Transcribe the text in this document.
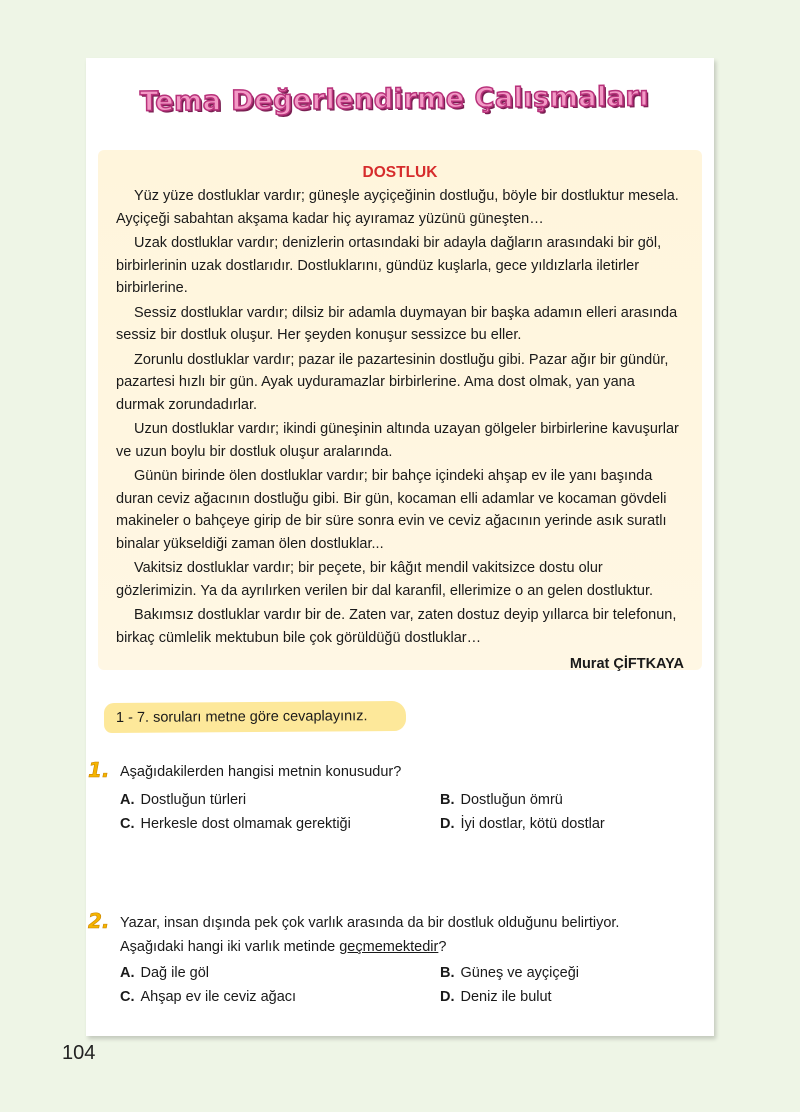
Tema Değerlendirme Çalışmaları
DOSTLUK

Yüz yüze dostluklar vardır; güneşle ayçiçeğinin dostluğu, böyle bir dostluktur mesela. Ayçiçeği sabahtan akşama kadar hiç ayıramaz yüzünü güneşten…

Uzak dostluklar vardır; denizlerin ortasındaki bir adayla dağların arasındaki bir göl, birbirlerinin uzak dostlarıdır. Dostluklarını, gündüz kuşlarla, gece yıldızlarla iletirler birbirlerine.

Sessiz dostluklar vardır; dilsiz bir adamla duymayan bir başka adamın elleri arasında sessiz bir dostluk oluşur. Her şeyden konuşur sessizce bu eller.

Zorunlu dostluklar vardır; pazar ile pazartesinin dostluğu gibi. Pazar ağır bir gündür, pazartesi hızlı bir gün. Ayak uyduramazlar birbirlerine. Ama dost olmak, yan yana durmak zorundadırlar.

Uzun dostluklar vardır; ikindi güneşinin altında uzayan gölgeler birbirlerine kavuşurlar ve uzun boylu bir dostluk oluşur aralarında.

Günün birinde ölen dostluklar vardır; bir bahçe içindeki ahşap ev ile yanı başında duran ceviz ağacının dostluğu gibi. Bir gün, kocaman elli adamlar ve kocaman gövdeli makineler o bahçeye girip de bir süre sonra evin ve ceviz ağacının yerinde asık suratlı binalar yükseldiği zaman ölen dostluklar...

Vakitsiz dostluklar vardır; bir peçete, bir kâğıt mendil vakitsizce dostu olur gözlerimizin. Ya da ayrılırken verilen bir dal karanfil, ellerimize o an gelen dostluktur.

Bakımsız dostluklar vardır bir de. Zaten var, zaten dostuz deyip yıllarca bir telefonun, birkaç cümlelik mektubun bile çok görüldüğü dostluklar…

Murat ÇİFTKAYA
1 - 7. soruları metne göre cevaplayınız.
1. Aşağıdakilerden hangisi metnin konusudur?
A. Dostluğun türleri	B. Dostluğun ömrü
C. Herkesle dost olmamak gerektiği	D. İyi dostlar, kötü dostlar
2. Yazar, insan dışında pek çok varlık arasında da bir dostluk olduğunu belirtiyor.
Aşağıdaki hangi iki varlık metinde geçmemektedir?
A. Dağ ile göl	B. Güneş ve ayçiçeği
C. Ahşap ev ile ceviz ağacı	D. Deniz ile bulut
104
